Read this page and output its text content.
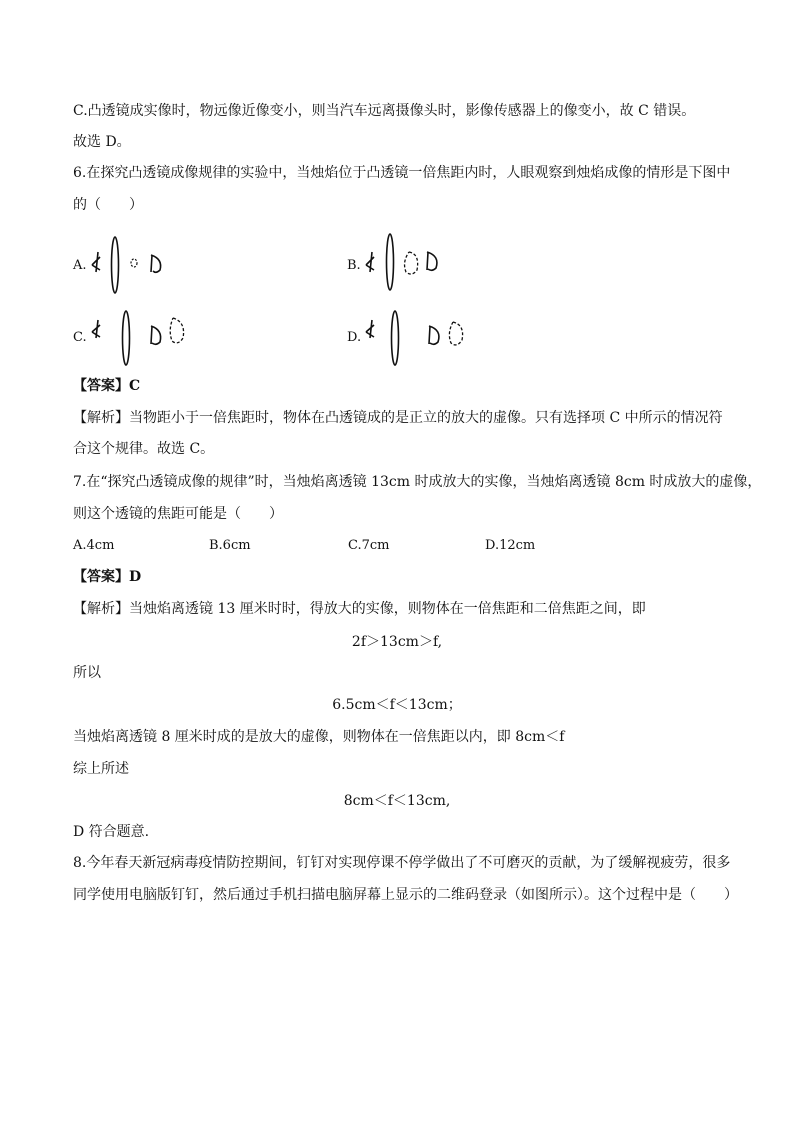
C.凸透镜成实像时，物远像近像变小，则当汽车远离摄像头时，影像传感器上的像变小，故 C 错误。
故选 D。
6.在探究凸透镜成像规律的实验中，当烛焰位于凸透镜一倍焦距内时，人眼观察到烛焰成像的情形是下图中
的（　　）
A.	B.
C.	D.
【答案】C
【解析】当物距小于一倍焦距时，物体在凸透镜成的是正立的放大的虚像。只有选择项 C 中所示的情况符
合这个规律。故选 C。
7.在“探究凸透镜成像的规律”时，当烛焰离透镜 13cm 时成放大的实像，当烛焰离透镜 8cm 时成放大的虚像，
则这个透镜的焦距可能是（　　）
A.4cm	B.6cm	C.7cm	D.12cm
【答案】D
【解析】当烛焰离透镜 13 厘米时时，得放大的实像，则物体在一倍焦距和二倍焦距之间，即
2f＞13cm＞f,
所以
6.5cm＜f＜13cm；
当烛焰离透镜 8 厘米时成的是放大的虚像，则物体在一倍焦距以内，即 8cm＜f
综上所述
8cm＜f＜13cm,
D 符合题意.
8.今年春天新冠病毒疫情防控期间，钉钉对实现停课不停学做出了不可磨灭的贡献，为了缓解视疲劳，很多
同学使用电脑版钉钉，然后通过手机扫描电脑屏幕上显示的二维码登录（如图所示）。这个过程中是（　　）
